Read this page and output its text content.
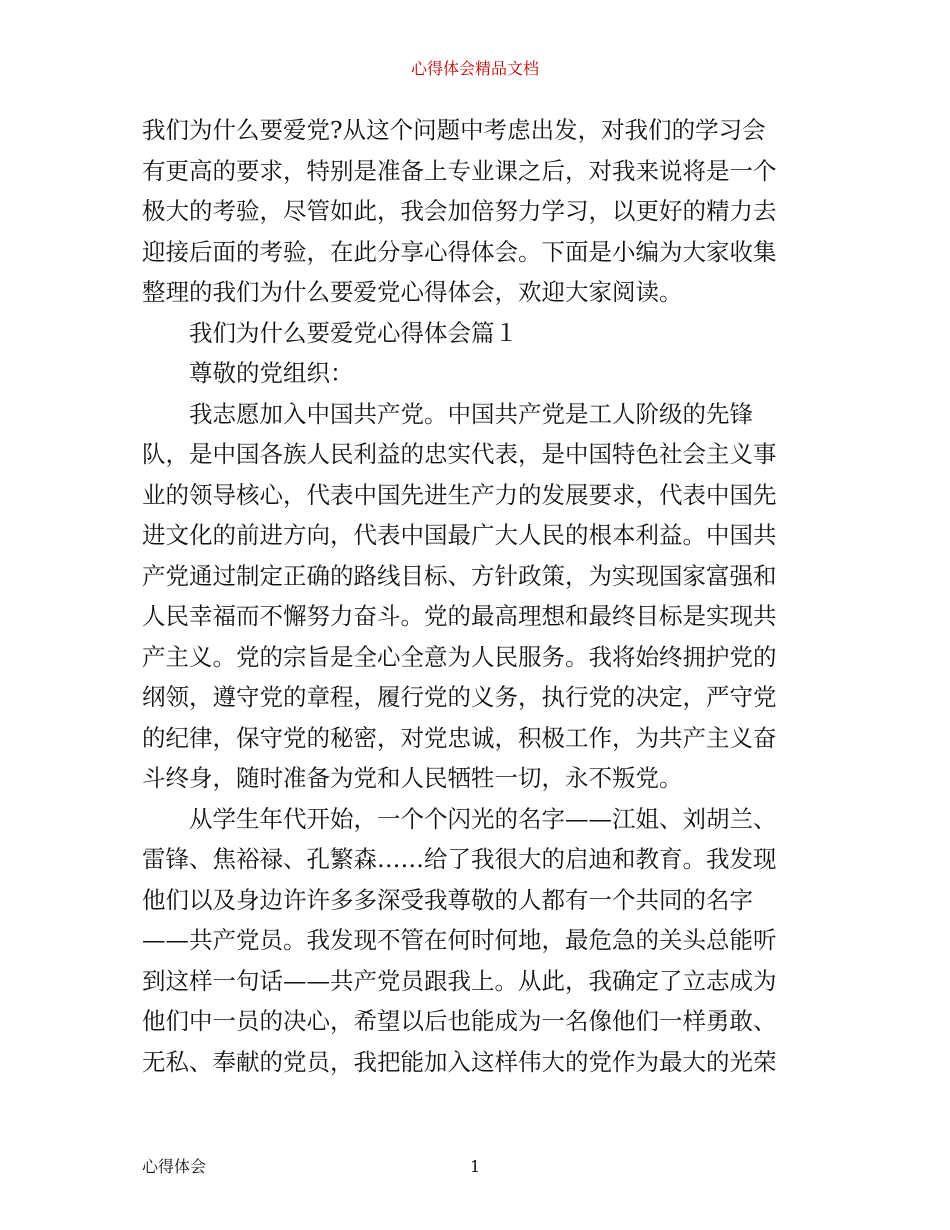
心得体会精品文档

我们为什么要爱党?从这个问题中考虑出发，对我们的学习会
有更高的要求，特别是准备上专业课之后，对我来说将是一个
极大的考验，尽管如此，我会加倍努力学习，以更好的精力去
迎接后面的考验，在此分享心得体会。下面是小编为大家收集
整理的我们为什么要爱党心得体会，欢迎大家阅读。

我们为什么要爱党心得体会篇１

尊敬的党组织：

我志愿加入中国共产党。中国共产党是工人阶级的先锋
队，是中国各族人民利益的忠实代表，是中国特色社会主义事
业的领导核心，代表中国先进生产力的发展要求，代表中国先
进文化的前进方向，代表中国最广大人民的根本利益。中国共
产党通过制定正确的路线目标、方针政策，为实现国家富强和
人民幸福而不懈努力奋斗。党的最高理想和最终目标是实现共
产主义。党的宗旨是全心全意为人民服务。我将始终拥护党的
纲领，遵守党的章程，履行党的义务，执行党的决定，严守党
的纪律，保守党的秘密，对党忠诚，积极工作，为共产主义奋
斗终身，随时准备为党和人民牺牲一切，永不叛党。

从学生年代开始，一个个闪光的名字——江姐、刘胡兰、
雷锋、焦裕禄、孔繁森……给了我很大的启迪和教育。我发现
他们以及身边许许多多深受我尊敬的人都有一个共同的名字
——共产党员。我发现不管在何时何地，最危急的关头总能听
到这样一句话——共产党员跟我上。从此，我确定了立志成为
他们中一员的决心，希望以后也能成为一名像他们一样勇敢、
无私、奉献的党员，我把能加入这样伟大的党作为最大的光荣

心得体会	1
